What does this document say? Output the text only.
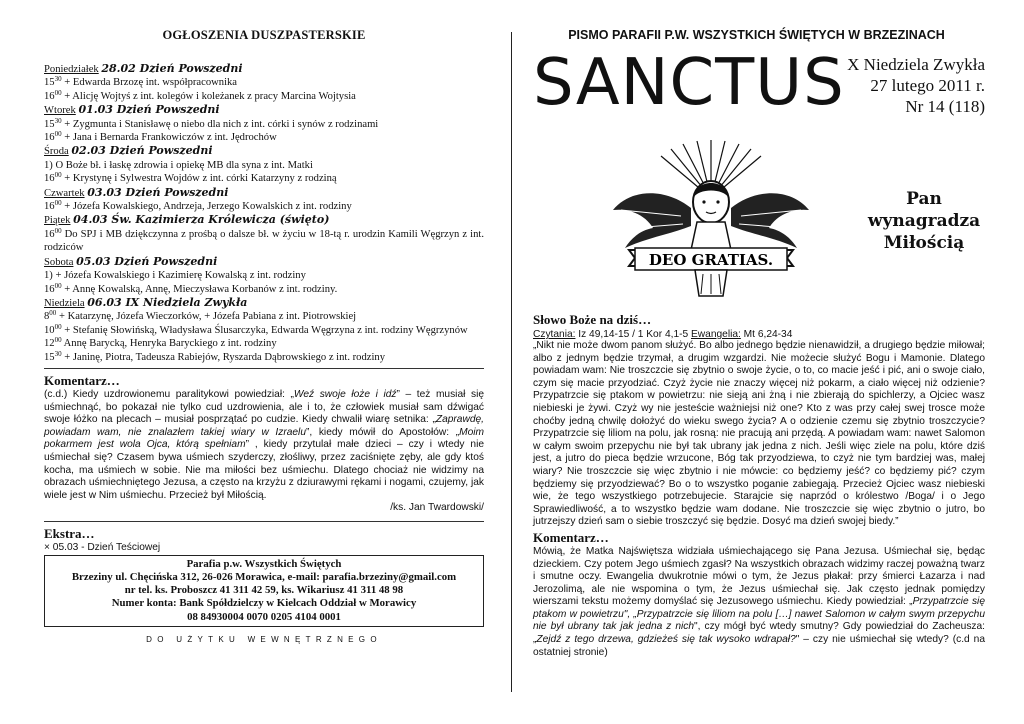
OGŁOSZENIA DUSZPASTERSKIE
Poniedziałek 28.02 Dzień Powszedni
$15^{30}$ + Edwarda Brzozę int. współpracownika
$16^{00}$ + Alicję Wojtyś z int. kolegów i koleżanek z pracy Marcina Wojtysia
Wtorek 01.03 Dzień Powszedni
$15^{30}$ + Zygmunta i Stanisławę o niebo dla nich z int. córki i synów z rodzinami
$16^{00}$ + Jana i Bernarda Frankowiczów z int. Jędrochów
Środa 02.03 Dzień Powszedni
1) O Boże bł. i łaskę zdrowia i opiekę MB dla syna z int. Matki
$16^{00}$ + Krystynę i Sylwestra Wojdów z int. córki Katarzyny z rodziną
Czwartek 03.03 Dzień Powszedni
$16^{00}$ + Józefa Kowalskiego, Andrzeja, Jerzego Kowalskich z int. rodziny
Piątek 04.03 Św. Kazimierza Królewicza (święto)
$16^{00}$ Do SPJ i MB dziękczynna z prośbą o dalsze bł. w życiu w 18-tą r. urodzin Kamili Węgrzyn z int. rodziców
Sobota 05.03 Dzień Powszedni
1) + Józefa Kowalskiego i Kazimierę Kowalską z int. rodziny
$16^{00}$ + Annę Kowalską, Annę, Mieczysława Korbanów z int. rodziny.
Niedziela 06.03 IX Niedziela Zwykła
$8^{00}$ + Katarzynę, Józefa Wieczorków, + Józefa Pabiana z int. Piotrowskiej
$10^{00}$ + Stefanię Słowińską, Władysława Ślusarczyka, Edwarda Węgrzyna z int. rodziny Węgrzynów
$12^{00}$ Annę Barycką, Henryka Baryckiego z int. rodziny
$15^{30}$ + Janinę, Piotra, Tadeusza Rabiejów, Ryszarda Dąbrowskiego z int. rodziny
Komentarz…
(c.d.) Kiedy uzdrowionemu paralitykowi powiedział: „Weź swoje łoże i idź” – też musiał się uśmiechnąć, bo pokazał nie tylko cud uzdrowienia, ale i to, że człowiek musiał sam dźwigać swoje łóżko na plecach – musiał posprzątać po cudzie. Kiedy chwalił wiarę setnika: „Zaprawdę, powiadam wam, nie znalazłem takiej wiary w Izraelu”, kiedy mówił do Apostołów: „Moim pokarmem jest wola Ojca, którą spełniam” , kiedy przytulał małe dzieci – czy i wtedy nie uśmiechał się? Czasem bywa uśmiech szyderczy, złośliwy, przez zaciśnięte zęby, ale gdy ktoś kocha, ma uśmiech w sobie. Nie ma miłości bez uśmiechu. Dlatego chociaż nie widzimy na obrazach uśmiechniętego Jezusa, a często na krzyżu z dziurawymi rękami i nogami, czujemy, jak wiele jest w Nim uśmiechu. Przecież był Miłością.
/ks. Jan Twardowski/
Ekstra…
× 05.03 - Dzień Teściowej
Parafia p.w. Wszystkich Świętych
Brzeziny ul. Chęcińska 312, 26-026 Morawica, e-mail: parafia.brzeziny@gmail.com
nr tel. ks. Proboszcz 41 311 42 59, ks. Wikariusz 41 311 48 98
Numer konta: Bank Spółdzielczy w Kielcach Oddział w Morawicy
08 84930004 0070 0205 4104 0001
DO UŻYTKU WEWNĘTRZNEGO
PISMO PARAFII P.W. WSZYSTKICH ŚWIĘTYCH W BRZEZINACH
SANCTUS X Niedziela Zwykła
27 lutego 2011 r.
Nr 14 (118)
DEO GRATIAS.
Pan
wynagradza
Miłością
Słowo Boże na dziś…
Czytania: Iz 49,14-15 / 1 Kor 4,1-5 Ewangelia: Mt 6,24-34
„Nikt nie może dwom panom służyć. Bo albo jednego będzie nienawidził, a drugiego będzie miłował; albo z jednym będzie trzymał, a drugim wzgardzi. Nie możecie służyć Bogu i Mamonie. Dlatego powiadam wam: Nie troszczcie się zbytnio o swoje życie, o to, co macie jeść i pić, ani o swoje ciało, czym się macie przyodziać. Czyż życie nie znaczy więcej niż pokarm, a ciało więcej niż odzienie? Przypatrzcie się ptakom w powietrzu: nie sieją ani żną i nie zbierają do spichlerzy, a Ojciec wasz niebieski je żywi. Czyż wy nie jesteście ważniejsi niż one? Kto z was przy całej swej trosce może choćby jedną chwilę dołożyć do wieku swego życia? A o odzienie czemu się zbytnio troszczycie? Przypatrzcie się liliom na polu, jak rosną: nie pracują ani przędą. A powiadam wam: nawet Salomon w całym swoim przepychu nie był tak ubrany jak jedna z nich. Jeśli więc ziele na polu, które dziś jest, a jutro do pieca będzie wrzucone, Bóg tak przyodziewa, to czyż nie tym bardziej was, małej wiary? Nie troszczcie się więc zbytnio i nie mówcie: co będziemy jeść? co będziemy pić? czym będziemy się przyodziewać? Bo o to wszystko poganie zabiegają. Przecież Ojciec wasz niebieski wie, że tego wszystkiego potrzebujecie. Starajcie się naprzód o królestwo /Boga/ i o Jego Sprawiedliwość, a to wszystko będzie wam dodane. Nie troszczcie się więc zbytnio o jutro, bo jutrzejszy dzień sam o siebie troszczyć się będzie. Dosyć ma dzień swojej biedy.”
Komentarz…
Mówią, że Matka Najświętsza widziała uśmiechającego się Pana Jezusa. Uśmiechał się, będąc dzieckiem. Czy potem Jego uśmiech zgasł? Na wszystkich obrazach widzimy raczej poważną twarz i smutne oczy. Ewangelia dwukrotnie mówi o tym, że Jezus płakał: przy śmierci Łazarza i nad Jerozolimą, ale nie wspomina o tym, że Jezus uśmiechał się. Jak często jednak pomiędzy wierszami tekstu możemy domyślać się Jezusowego uśmiechu. Kiedy powiedział: „Przypatrzcie się ptakom w powietrzu", „Przypatrzcie się liliom na polu […] nawet Salomon w całym swym przepychu nie był ubrany tak jak jedna z nich", czy mógł być wtedy smutny? Gdy powiedział do Zacheusza: „Zejdź z tego drzewa, gdzieżeś się tak wysoko wdrapał?" – czy nie uśmiechał się wtedy? (c.d na ostatniej stronie)
